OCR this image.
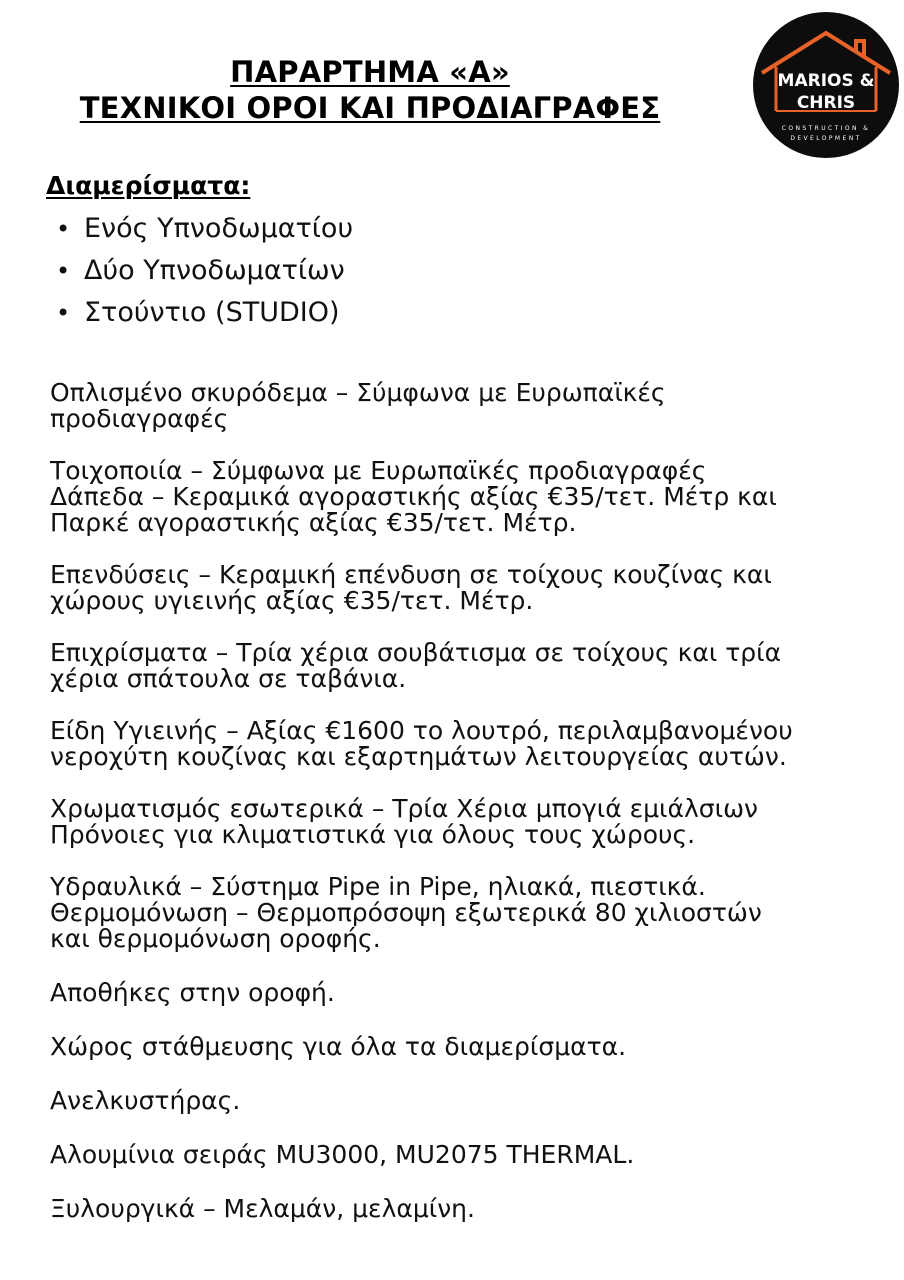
ΠΑΡΑΡΤΗΜΑ «Α»
ΤΕΧΝΙΚΟΙ ΟΡΟΙ ΚΑΙ ΠΡΟΔΙΑΓΡΑΦΕΣ
MARIOS &
CHRIS
CONSTRUCTION &
DEVELOPMENT
Διαμερίσματα:
• Ενός Υπνοδωματίου
• Δύο Υπνοδωματίων
• Στούντιο (STUDIO)

Οπλισμένο σκυρόδεμα – Σύμφωνα με Ευρωπαϊκές

προδιαγραφές

Τοιχοποιία – Σύμφωνα με Ευρωπαϊκές προδιαγραφές

Δάπεδα – Κεραμικά αγοραστικής αξίας €35/τετ. Μέτρ και

Παρκέ αγοραστικής αξίας €35/τετ. Μέτρ.

Επενδύσεις – Κεραμική επένδυση σε τοίχους κουζίνας και

χώρους υγιεινής αξίας €35/τετ. Μέτρ.

Επιχρίσματα – Τρία χέρια σουβάτισμα σε τοίχους και τρία

χέρια σπάτουλα σε ταβάνια.

Είδη Υγιεινής – Αξίας €1600 το λουτρό, περιλαμβανομένου

νεροχύτη κουζίνας και εξαρτημάτων λειτουργείας αυτών.

Χρωματισμός εσωτερικά – Τρία Χέρια μπογιά εμιάλσιων

Πρόνοιες για κλιματιστικά για όλους τους χώρους.

Υδραυλικά – Σύστημα Pipe in Pipe, ηλιακά, πιεστικά.

Θερμομόνωση – Θερμοπρόσοψη εξωτερικά 80 χιλιοστών

και θερμομόνωση οροφής.

Αποθήκες στην οροφή.

Χώρος στάθμευσης για όλα τα διαμερίσματα.

Ανελκυστήρας.

Αλουμίνια σειράς MU3000, MU2075 THERMAL.

Ξυλουργικά – Μελαμάν, μελαμίνη.
